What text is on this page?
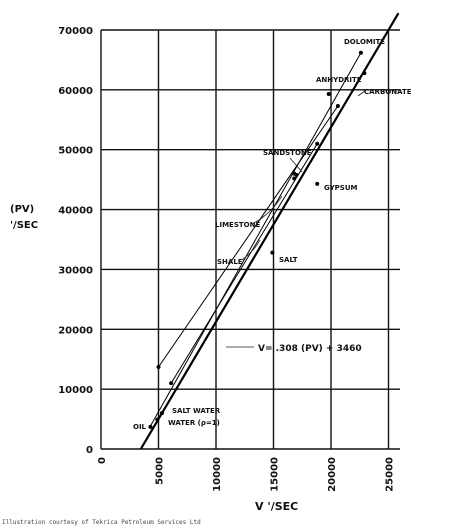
0	5000	10000	15000	20000	25000
0
10000
20000
30000
40000
50000
60000
70000
(PV)
'/SEC
V '/SEC
DOLOMITE
ANHYDRITE
CARBONATE
SANDSTONE
GYPSUM
LIMESTONE
SHALE	SALT
SALT WATER
WATER (ρ=1)
OIL
V= .308 (PV) + 3460
Illustration courtesy of Tekrica Petroleum Services Ltd
